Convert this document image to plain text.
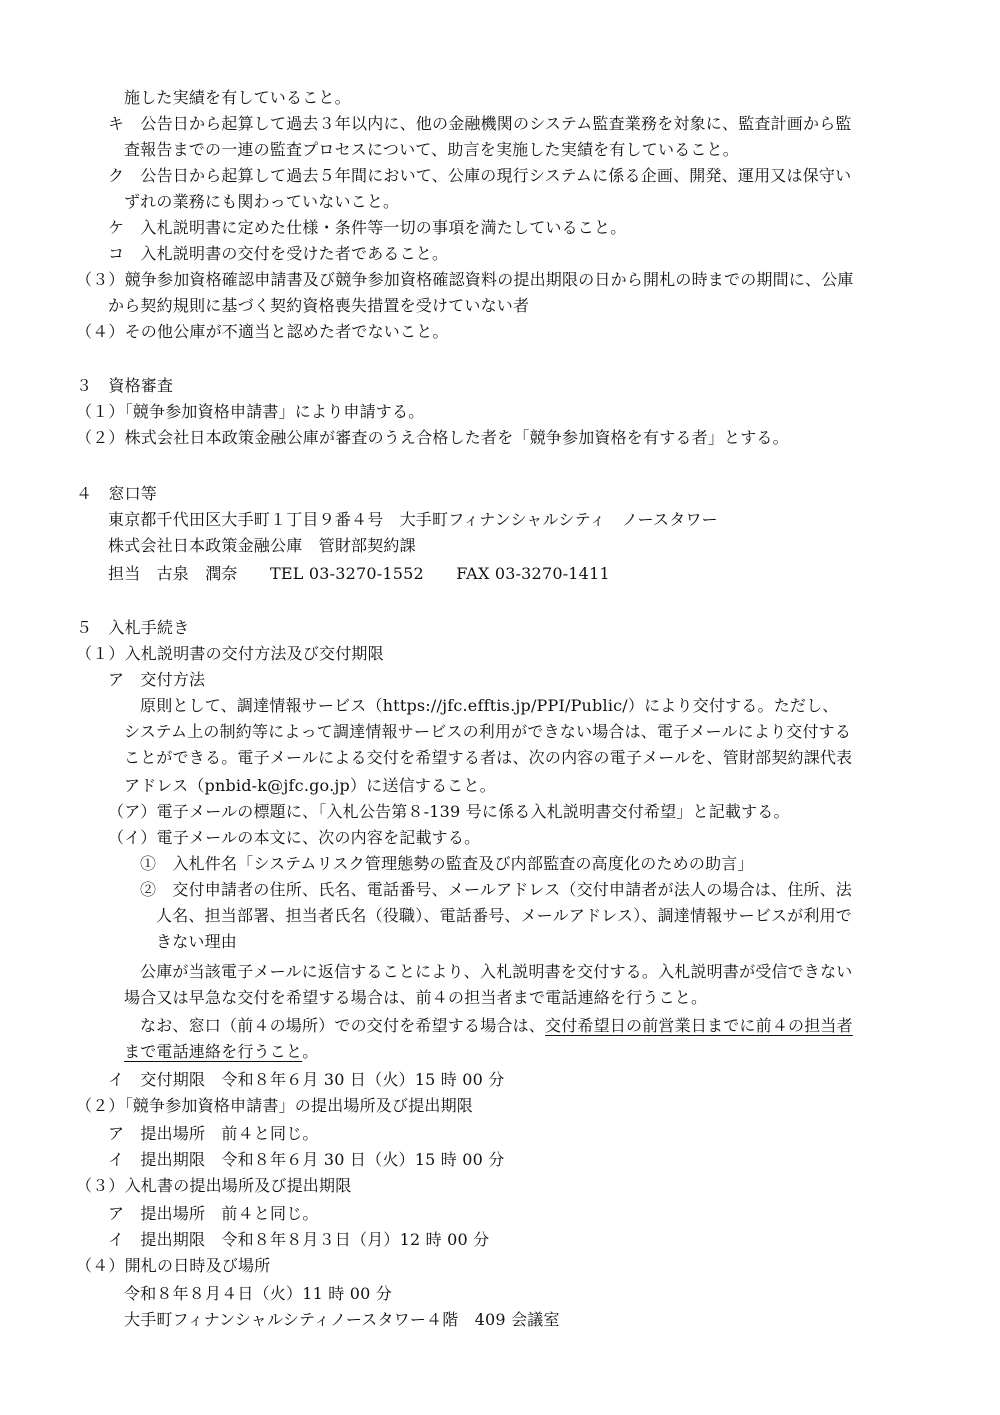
施した実績を有していること。
キ　公告日から起算して過去３年以内に、他の金融機関のシステム監査業務を対象に、監査計画から監
査報告までの一連の監査プロセスについて、助言を実施した実績を有していること。
ク　公告日から起算して過去５年間において、公庫の現行システムに係る企画、開発、運用又は保守い
ずれの業務にも関わっていないこと。
ケ　入札説明書に定めた仕様・条件等一切の事項を満たしていること。
コ　入札説明書の交付を受けた者であること。
（３）競争参加資格確認申請書及び競争参加資格確認資料の提出期限の日から開札の時までの期間に、公庫
から契約規則に基づく契約資格喪失措置を受けていない者
（４）その他公庫が不適当と認めた者でないこと。
３　資格審査
（１）「競争参加資格申請書」により申請する。
（２）株式会社日本政策金融公庫が審査のうえ合格した者を「競争参加資格を有する者」とする。
４　窓口等
東京都千代田区大手町１丁目９番４号　大手町フィナンシャルシティ　ノースタワー
株式会社日本政策金融公庫　管財部契約課
担当　古泉　潤奈　　TEL 03-3270-1552　　FAX 03-3270-1411
５　入札手続き
（１）入札説明書の交付方法及び交付期限
ア　交付方法
原則として、調達情報サービス（https://jfc.efftis.jp/PPI/Public/）により交付する。ただし、
システム上の制約等によって調達情報サービスの利用ができない場合は、電子メールにより交付する
ことができる。電子メールによる交付を希望する者は、次の内容の電子メールを、管財部契約課代表
アドレス（pnbid-k@jfc.go.jp）に送信すること。
（ア）電子メールの標題に、「入札公告第８-139 号に係る入札説明書交付希望」と記載する。
（イ）電子メールの本文に、次の内容を記載する。
①　入札件名「システムリスク管理態勢の監査及び内部監査の高度化のための助言」
②　交付申請者の住所、氏名、電話番号、メールアドレス（交付申請者が法人の場合は、住所、法
人名、担当部署、担当者氏名（役職）、電話番号、メールアドレス）、調達情報サービスが利用で
きない理由
公庫が当該電子メールに返信することにより、入札説明書を交付する。入札説明書が受信できない
場合又は早急な交付を希望する場合は、前４の担当者まで電話連絡を行うこと。
なお、窓口（前４の場所）での交付を希望する場合は、交付希望日の前営業日までに前４の担当者
まで電話連絡を行うこと。
イ　交付期限　令和８年６月 30 日（火）15 時 00 分
（２）「競争参加資格申請書」の提出場所及び提出期限
ア　提出場所　前４と同じ。
イ　提出期限　令和８年６月 30 日（火）15 時 00 分
（３）入札書の提出場所及び提出期限
ア　提出場所　前４と同じ。
イ　提出期限　令和８年８月３日（月）12 時 00 分
（４）開札の日時及び場所
令和８年８月４日（火）11 時 00 分
大手町フィナンシャルシティノースタワー４階　409 会議室
